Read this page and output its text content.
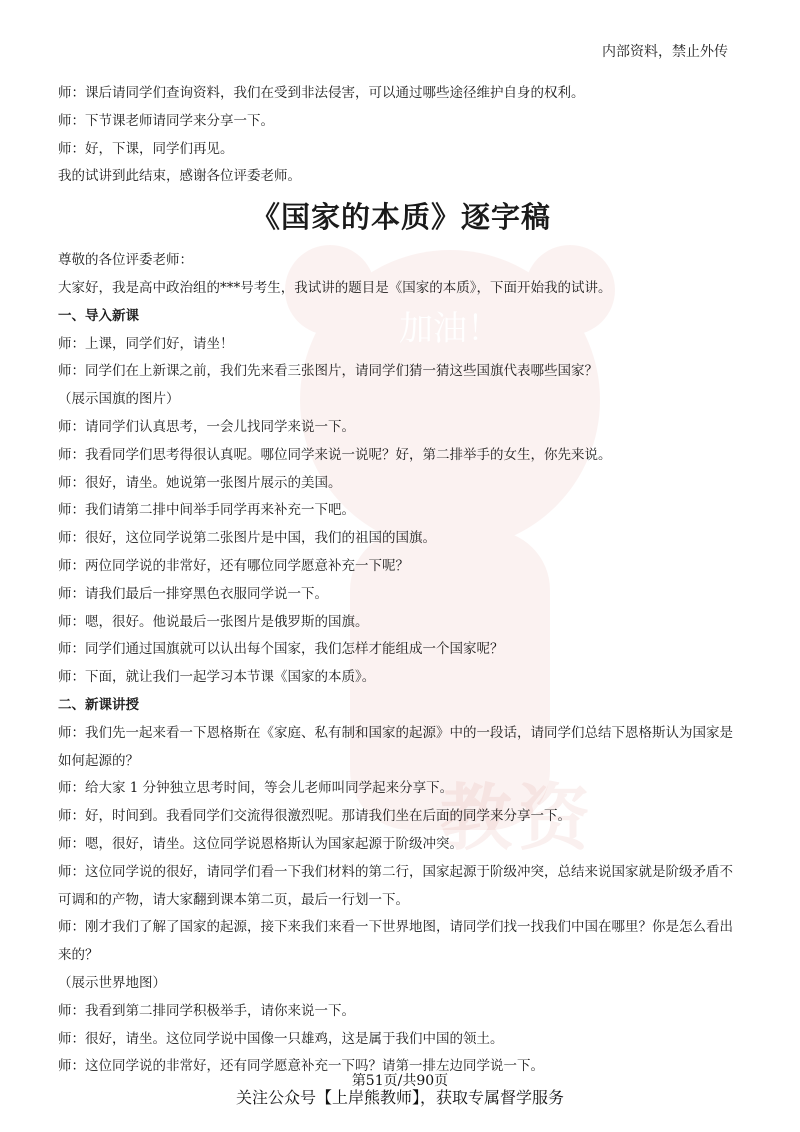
加油！
教资
内部资料，禁止外传

师：课后请同学们查询资料，我们在受到非法侵害，可以通过哪些途径维护自身的权利。

师：下节课老师请同学来分享一下。

师：好，下课，同学们再见。

我的试讲到此结束，感谢各位评委老师。

《国家的本质》逐字稿

尊敬的各位评委老师：

大家好，我是高中政治组的***号考生，我试讲的题目是《国家的本质》，下面开始我的试讲。

一、导入新课

师：上课，同学们好，请坐！

师：同学们在上新课之前，我们先来看三张图片，请同学们猜一猜这些国旗代表哪些国家？

（展示国旗的图片）

师：请同学们认真思考，一会儿找同学来说一下。

师：我看同学们思考得很认真呢。哪位同学来说一说呢？好，第二排举手的女生，你先来说。

师：很好，请坐。她说第一张图片展示的美国。

师：我们请第二排中间举手同学再来补充一下吧。

师：很好，这位同学说第二张图片是中国，我们的祖国的国旗。

师：两位同学说的非常好，还有哪位同学愿意补充一下呢？

师：请我们最后一排穿黑色衣服同学说一下。

师：嗯，很好。他说最后一张图片是俄罗斯的国旗。

师：同学们通过国旗就可以认出每个国家，我们怎样才能组成一个国家呢？

师：下面，就让我们一起学习本节课《国家的本质》。

二、新课讲授

师：我们先一起来看一下恩格斯在《家庭、私有制和国家的起源》中的一段话，请同学们总结下恩格斯认为国家是如何起源的？

师：给大家 1 分钟独立思考时间，等会儿老师叫同学起来分享下。

师：好，时间到。我看同学们交流得很激烈呢。那请我们坐在后面的同学来分享一下。

师：嗯，很好，请坐。这位同学说恩格斯认为国家起源于阶级冲突。

师：这位同学说的很好，请同学们看一下我们材料的第二行，国家起源于阶级冲突，总结来说国家就是阶级矛盾不可调和的产物，请大家翻到课本第二页，最后一行划一下。

师：刚才我们了解了国家的起源，接下来我们来看一下世界地图，请同学们找一找我们中国在哪里？你是怎么看出来的？

（展示世界地图）

师：我看到第二排同学积极举手，请你来说一下。

师：很好，请坐。这位同学说中国像一只雄鸡，这是属于我们中国的领土。

师：这位同学说的非常好，还有同学愿意补充一下吗？请第一排左边同学说一下。

第51页/共90页
关注公众号【上岸熊教师】，获取专属督学服务
